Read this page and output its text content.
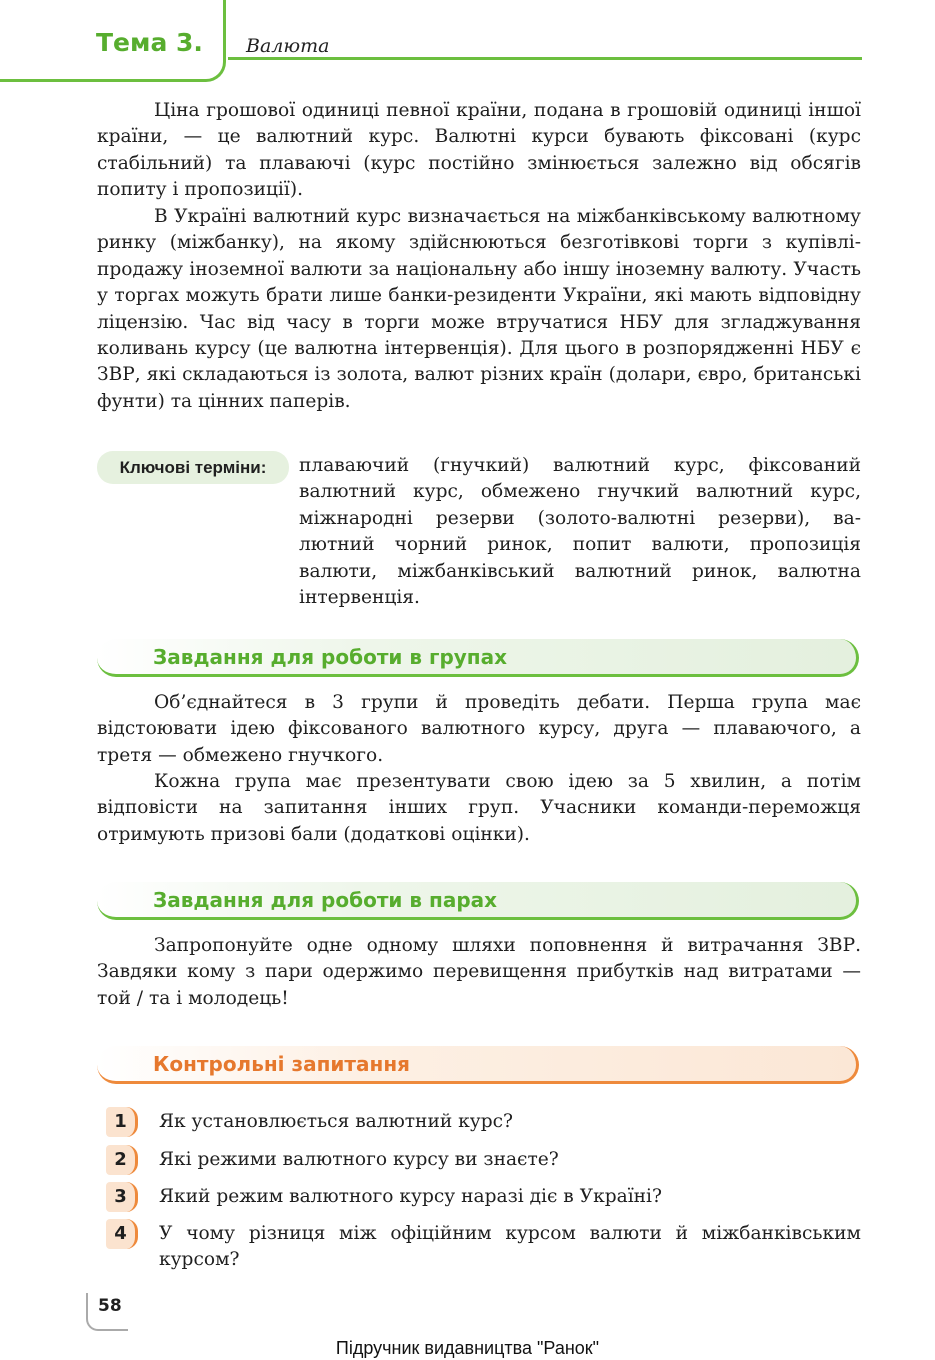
Тема 3. Валюта

Ціна грошової одиниці певної країни, подана в грошовій одиниці іншої країни, — це валютний курс. Валютні курси бувають фіксовані (курс стабільний) та плаваючі (курс постійно змінюється залежно від обсягів попиту і пропозиції).

В Україні валютний курс визначається на міжбанківському валютному ринку (міжбанку), на якому здійснюються безготівкові торги з купівлі-продажу іноземної валюти за національну або іншу іноземну валюту. Участь у торгах можуть брати лише банки-резиденти України, які мають відповідну ліцензію. Час від часу в торги може втручатися НБУ для згладжування коливань курсу (це валютна інтервенція). Для цього в розпорядженні НБУ є ЗВР, які складаються із золота, валют різних країн (долари, євро, британські фунти) та цінних паперів.

Ключові терміни:	плаваючий (гнучкий) валютний курс, фіксований валютний курс, обмежено гнучкий валютний курс, міжнародні резерви (золото-валютні резерви), валютний чорний ринок, попит валюти, пропозиція валюти, міжбанківський валютний ринок, валютна інтервенція.

Завдання для роботи в групах

Об’єднайтеся в 3 групи й проведіть дебати. Перша група має відстоювати ідею фіксованого валютного курсу, друга — плаваючого, а третя — обмежено гнучкого.

Кожна група має презентувати свою ідею за 5 хвилин, а потім відповісти на запитання інших груп. Учасники команди-переможця отримують призові бали (додаткові оцінки).

Завдання для роботи в парах

Запропонуйте одне одному шляхи поповнення й витрачання ЗВР. Завдяки кому з пари одержимо перевищення прибутків над витратами — той / та і молодець!

Контрольні запитання
1	Як установлюється валютний курс?

2	Які режими валютного курсу ви знаєте?

3	Який режим валютного курсу наразі діє в Україні?

4	У чому різниця між офіційним курсом валюти й міжбанківським курсом?

58
Підручник видавництва "Ранок"
